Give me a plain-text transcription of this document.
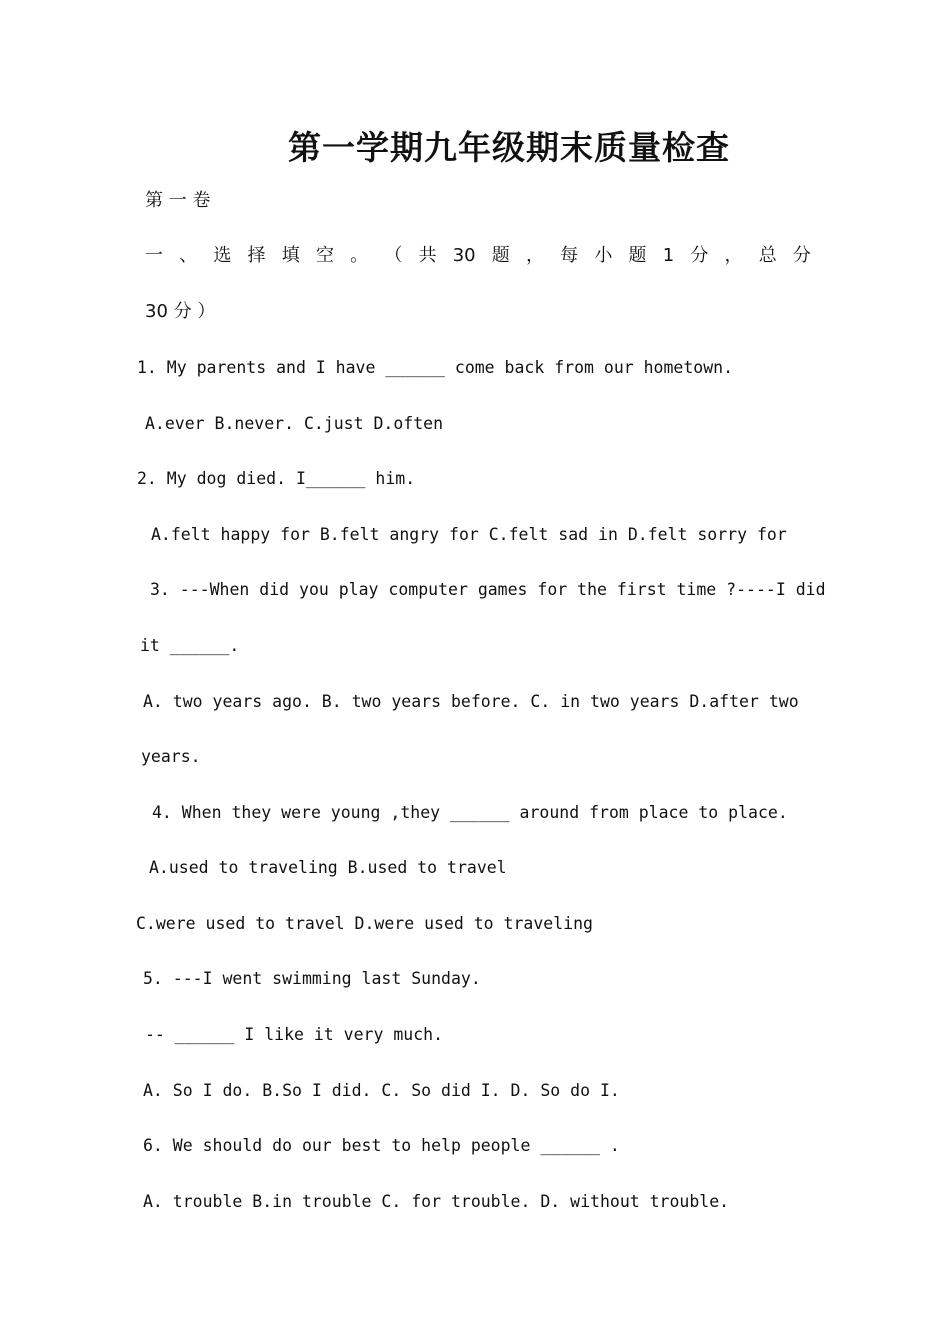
第一学期九年级期末质量检查
第 一 卷
一 、 选 择 填 空 。 （ 共 30 题 ， 每 小 题 1 分 ， 总 分
30 分 ）
1. My parents and I have ______ come back from our hometown.
A.ever B.never. C.just D.often
2. My dog died. I______ him.
A.felt happy for B.felt angry for C.felt sad in D.felt sorry for
3. ---When did you play computer games for the first time ?----I did
it ______.
A. two years ago. B. two years before. C. in two years D.after two
years.
4. When they were young ,they ______ around from place to place.
A.used to traveling B.used to travel
C.were used to travel D.were used to traveling
5. ---I went swimming last Sunday.
-- ______ I like it very much.
A. So I do. B.So I did. C. So did I. D. So do I.
6. We should do our best to help people ______ .
A. trouble B.in trouble C. for trouble. D. without trouble.
